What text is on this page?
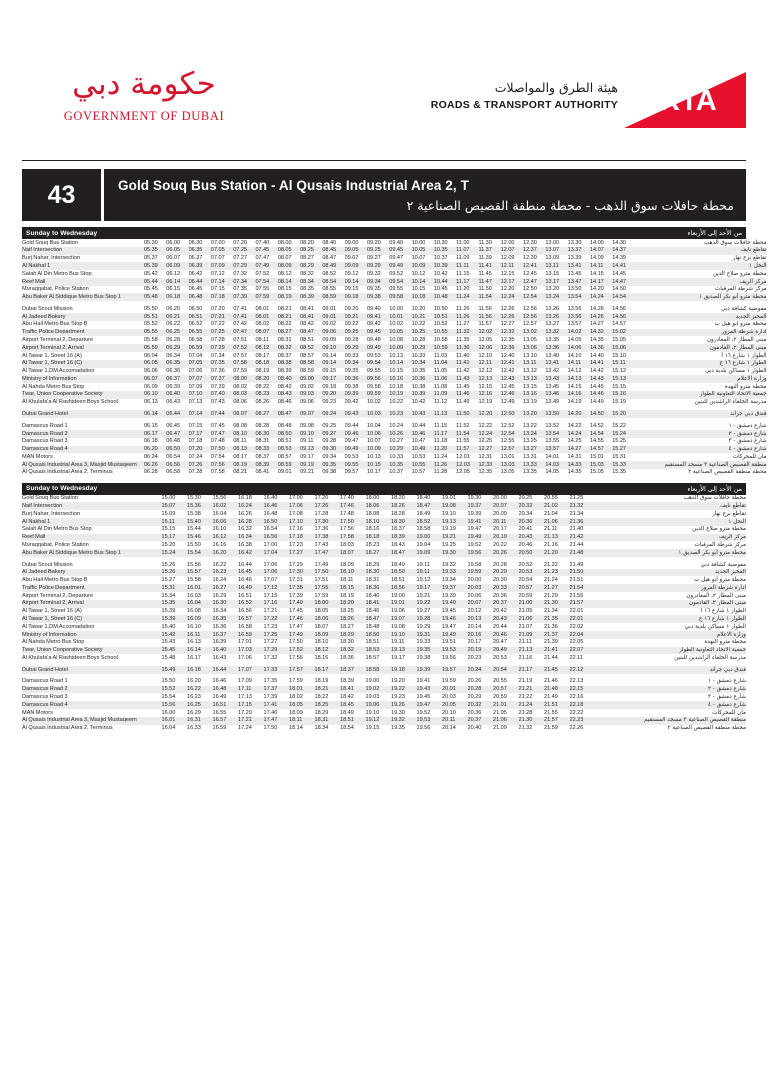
حكومة دبي
GOVERNMENT OF DUBAI
هيئة الطرق والمواصلات
ROADS & TRANSPORT AUTHORITY RTA
43	Gold Souq Bus Station - Al Qusais Industrial Area 2, T
محطة حافلات سوق الذهب - محطة منطقة القصيص الصناعية ٢
Sunday to Wednesday	من الأحد إلى الأربعاء
Gold Souq Bus Station	05.30	06.00	06.30	07.00	07.20	07.40	08.00	08.20	08.40	09.00	09.20	09.40	10.00	10.30	11.00	11.30	12.00	12.30	13.00	13.30	14.00	14.30	محطة حافلات سوق الذهب
Naif Intersection	05.35	06.05	06.35	07.05	07.25	07.45	08.05	08.25	08.45	09.05	09.25	09.45	10.05	10.35	11.07	11.37	12.07	12.37	13.07	13.37	14.07	14.37	تقاطع نايف
Burj Nahar, Intersection	05.37	06.07	06.37	07.07	07.27	07.47	08.07	08.27	08.47	09.07	09.27	09.47	10.07	10.37	11.09	11.39	12.09	12.39	13.09	13.39	14.09	14.39	تقاطع برج نهار
Al Nakhal 1	05.39	06.09	06.39	07.09	07.29	07.49	08.09	08.29	08.49	09.09	09.29	09.49	10.09	10.39	11.11	11.41	12.11	12.41	13.11	13.41	14.11	14.41	النخل ١
Salah Al Din Metro Bus Stop	05.42	06.12	06.42	07.12	07.32	07.52	08.12	08.32	08.52	09.12	09.32	09.52	10.12	10.42	11.15	11.45	12.15	12.45	13.15	13.45	14.15	14.45	محطة مترو صلاح الدين
Reef Mall	05.44	06.14	06.44	07.14	07.34	07.54	08.14	08.34	08.54	09.14	09.34	09.54	10.14	10.44	11.17	11.47	12.17	12.47	13.17	13.47	14.17	14.47	مركز الريف
Muraqqabat, Police Station	05.45	06.15	06.45	07.15	07.35	07.55	08.15	08.35	08.55	09.15	09.35	09.55	10.15	10.45	11.20	11.50	12.20	12.50	13.20	13.50	14.20	14.50	مركز شرطة المرقبات
Abu Baker Al Siddique Metro Bus Stop 1	05.48	06.18	06.48	07.18	07.39	07.59	08.19	08.39	08.59	09.18	09.38	09.58	10.18	10.48	11.24	11.54	12.24	12.54	13.24	13.54	14.24	14.54	محطة مترو أبو بكر الصديق ١

Dubai Scout Mission	05.50	06.20	06.50	07.20	07.41	08.01	08.21	08.41	09.01	09.20	09.40	10.00	10.20	10.50	11.26	11.56	12.26	12.56	13.26	13.56	14.26	14.56	مفوضية كشافة دبي
Al Jadeed Bakery	05.51	06.21	06.51	07.21	07.41	08.01	08.21	08.41	09.01	09.21	09.41	10.01	10.21	10.51	11.26	11.56	12.26	12.56	13.26	13.56	14.26	14.56	المخبز الجديد
Abu Hail Metro Bus Stop B	05.52	06.22	06.52	07.22	07.42	08.02	08.22	08.42	09.02	09.22	09.42	10.02	10.22	10.52	11.27	11.57	12.27	12.57	13.27	13.57	14.27	14.57	محطة مترو أبو هيل ب
Traffic Police Department	05.55	06.25	06.55	07.25	07.47	08.07	08.27	08.47	09.06	09.25	09.45	10.05	10.25	10.55	11.32	12.02	12.32	13.02	13.32	14.02	14.32	15.02	ادارة شرطة المرور
Airport Terminal 2, Departure	05.58	06.28	06.58	07.28	07.51	08.11	08.31	08.51	09.09	09.28	09.48	10.08	10.28	10.58	11.35	12.05	12.35	13.05	13.35	14.05	14.35	15.05	مبنى المطار ٢، المغادرون
Airport Terminal 2, Arrival	05.59	06.29	06.59	07.29	07.52	08.12	08.32	08.52	09.10	09.29	09.49	10.09	10.29	10.59	11.36	12.06	12.36	13.06	13.36	14.06	14.36	15.06	مبنى المطار ٢، القادمون
Al Tawar 1, Street 16 (A)	06.04	06.34	07.04	07.34	07.57	08.17	08.37	08.57	09.14	09.33	09.53	10.13	10.33	11.03	11.40	12.10	12.40	13.10	13.40	14.10	14.40	15.10	الطوار ١ شارع ١٦ أ
Al Tawar 1, Street 16 (C)	06.05	06.35	07.05	07.35	07.58	08.18	08.38	08.58	09.14	09.34	09.54	10.14	10.34	11.04	11.41	12.11	12.41	13.11	13.41	14.11	14.41	15.11	الطوار ١ شارع ١٦ ج
Al Tawar 1,DM Accomadation	06.06	06.36	07.06	07.36	07.59	08.19	08.39	08.59	09.15	09.35	09.55	10.15	10.35	11.05	11.42	12.12	12.42	13.12	13.42	14.12	14.42	15.12	الطوار ١ مساكن بلدية دبي
Ministry of Information	06.07	06.37	07.07	07.37	08.00	08.20	08.40	09.00	09.17	09.36	09.56	10.16	10.36	11.06	11.43	12.13	12.43	13.13	13.43	14.13	14.43	15.13	وزارة الاعلام
Al Nahda Metro Bus Stop	06.09	06.39	07.09	07.39	08.02	08.22	08.42	09.02	09.18	09.38	09.58	10.18	10.38	11.08	11.45	12.15	12.45	13.15	13.45	14.15	14.45	15.15	محطة مترو النهدة
Twar, Union Cooperative Society	06.10	06.40	07.10	07.40	08.03	08.23	08.43	09.03	09.20	09.39	09.59	10.19	10.39	11.09	11.46	12.16	12.46	13.16	13.46	14.16	14.46	15.16	جمعية الاتحاد التعاونية الطوار
Al Khulafa'a Al Rashideen Boys School	06.13	06.43	07.13	07.43	08.06	08.26	08.46	09.06	09.23	09.42	10.02	10.22	10.42	11.12	11.49	12.19	12.49	13.19	13.49	14.19	14.49	15.19	مدرسة الخلفاء الراشدين للبنين

Dubai Grand Hotel	06.14	06.44	07.14	07.44	08.07	08.27	08.47	09.07	09.24	09.43	10.03	10.23	10.43	11.13	11.50	12.20	12.50	13.20	13.50	14.20	14.50	15.20	فندق دبي جراند

Damascus Road 1	06.15	06.45	07.15	07.45	08.08	08.28	08.48	09.08	09.25	09.44	10.04	10.24	10.44	11.15	11.52	12.22	12.52	13.22	13.52	14.22	14.52	15.22	شارع دمشق - ١
Damascus Road 2	06.17	06.47	07.17	07.47	08.10	08.30	08.50	09.10	09.27	09.46	10.06	10.26	10.46	11.17	11.54	12.24	12.54	13.24	13.54	14.24	14.54	15.24	شارع دمشق - ٢
Damascus Road 3	06.18	06.48	07.18	07.48	08.11	08.31	08.51	09.11	09.28	09.47	10.07	10.27	10.47	11.18	11.55	12.25	12.55	13.25	13.55	14.25	14.55	15.25	شارع دمشق - ٣
Damascus Road 4	06.20	06.50	07.20	07.50	08.13	08.33	08.53	09.13	09.30	09.49	10.09	10.29	10.49	11.20	11.57	12.27	12.57	13.27	13.57	14.27	14.57	15.27	شارع دمشق - ٤
MAN Motors	06.24	06.54	07.24	07.54	08.17	08.37	08.57	09.17	09.34	09.53	10.13	10.33	10.53	11.24	12.01	12.31	13.01	13.31	14.01	14.31	15.01	15.31	مان للمحركات
Al Qusais Industrial Area 3, Masjid Mustaqeem	06.26	06.56	07.26	07.56	08.19	08.39	08.59	09.19	09.35	09.55	10.15	10.35	10.55	11.26	12.03	12.33	13.03	13.33	14.03	14.33	15.03	15.33	منطقة القصيص الصناعية ٣ مسجد المستقيم
Al Qusais Industrial Area 2, Terminus	06.28	06.58	07.28	07.58	08.21	08.41	09.01	09.21	09.38	09.57	10.17	10.37	10.57	11.28	12.05	12.35	13.05	13.35	14.05	14.35	15.05	15.35	محطة منطقة القصيص الصناعية ٢
Sunday to Wednesday	من الأحد إلى الأربعاء
Gold Souq Bus Station	15.00	15.30	15.56	16.18	16.40	17.00	17.20	17.40	18.00	18.20	18.40	19.01	19.30	20.00	20.25	20.55	21.25	محطة حافلات سوق الذهب
Naif Intersection	15.07	15.36	16.02	16.24	16.46	17.06	17.26	17.46	18.06	18.26	18.47	19.08	19.37	20.07	20.32	21.02	21.32	تقاطع نايف
Burj Nahar, Intersection	15.09	15.38	16.04	16.26	16.48	17.08	17.28	17.48	18.08	18.28	18.49	19.10	19.39	20.09	20.34	21.04	21.34	تقاطع برج نهار
Al Nakhal 1	15.11	15.40	16.06	16.28	16.50	17.10	17.30	17.50	18.10	18.30	18.52	19.13	19.41	20.11	20.36	21.06	21.36	النخل ١
Salah Al Din Metro Bus Stop	15.15	15.44	16.10	16.32	16.54	17.16	17.36	17.56	18.16	18.37	18.58	19.19	19.47	20.17	20.41	21.11	21.40	محطة مترو صلاح الدين
Reef Mall	15.17	15.46	16.12	16.34	16.56	17.18	17.38	17.58	18.18	18.39	19.00	19.21	19.49	20.19	20.43	21.13	21.42	مركز الريف
Muraqqabat, Police Station	15.20	15.50	16.16	16.38	17.00	17.23	17.43	18.03	18.23	18.43	19.04	19.25	19.52	20.22	20.46	21.16	21.44	مركز شرطة المرقبات
Abu Baker Al Siddique Metro Bus Stop 1	15.24	15.54	16.20	16.42	17.04	17.27	17.47	18.07	18.27	18.47	19.09	19.30	19.56	20.26	20.50	21.20	21.48	محطة مترو أبو بكر الصديق ١

Dubai Scout Mission	15.26	15.56	16.22	16.44	17.06	17.29	17.49	18.09	18.29	18.49	19.11	19.32	19.58	20.28	20.52	21.22	21.49	مفوضية كشافة دبي
Al Jadeed Bakery	15.26	15.57	16.23	16.45	17.06	17.30	17.50	18.10	18.30	18.50	19.11	19.33	19.59	20.29	20.53	21.23	21.50	المخبز الجديد
Abu Hail Metro Bus Stop B	15.27	15.58	16.24	16.46	17.07	17.31	17.51	18.11	18.31	18.51	19.12	19.34	20.00	20.30	20.54	21.24	21.51	محطة مترو أبو هيل ب
Traffic Police Department	15.31	16.01	16.27	16.49	17.12	17.35	17.55	18.15	18.36	18.56	19.17	19.37	20.03	20.33	20.57	21.27	21.54	ادارة شرطة المرور
Airport Terminal 2, Departure	15.34	16.03	16.29	16.51	17.15	17.39	17.59	18.19	18.40	19.00	19.21	19.39	20.06	20.36	20.59	21.29	21.56	مبنى المطار ٢، المغادرون
Airport Terminal 2, Arrival	15.35	16.04	16.30	16.52	17.16	17.40	18.00	18.20	18.41	19.01	19.22	19.40	20.07	20.37	21.00	21.30	21.57	مبنى المطار ٢، القادمون
Al Tawar 1, Street 16 (A)	15.39	16.08	16.34	16.56	17.21	17.45	18.05	18.25	18.46	19.06	19.27	19.45	20.12	20.42	21.05	21.34	22.01	الطوار ١ شارع ١٦ أ
Al Tawar 1, Street 16 (C)	15.39	16.09	16.35	16.57	17.22	17.46	18.06	18.26	18.47	19.07	19.28	19.46	20.13	20.43	21.06	21.35	22.01	الطوار ١ شارع ١٦ ج
Al Tawar 1,DM Accomadation	15.40	16.10	16.36	16.58	17.23	17.47	18.07	18.27	18.48	19.08	19.29	19.47	20.14	20.44	21.07	21.36	22.02	الطوار ١ مساكن بلدية دبي
Ministry of Information	15.42	16.11	16.37	16.59	17.25	17.49	18.09	18.29	18.50	19.10	19.31	19.49	20.16	20.46	21.09	21.37	22.04	وزارة الاعلام
Al Nahda Metro Bus Stop	15.43	16.13	16.39	17.01	17.27	17.50	18.10	18.30	18.51	19.11	19.33	19.51	20.17	20.47	21.11	21.39	22.05	محطة مترو النهدة
Twar, Union Cooperative Society	15.45	16.14	16.40	17.03	17.29	17.52	18.12	18.32	18.53	19.13	19.35	19.53	20.19	20.49	21.13	21.41	22.07	جمعية الاتحاد التعاونية الطوار
Al Khulafa'a Al Rashideen Boys School	15.48	16.17	16.43	17.06	17.32	17.56	18.16	18.36	18.57	19.17	19.38	19.56	20.23	20.53	21.16	21.44	22.11	مدرسة الخلفاء الراشدين للبنين

Dubai Grand Hotel	15.49	16.18	16.44	17.07	17.33	17.57	18.17	18.37	18.58	19.18	19.39	19.57	20.24	20.54	21.17	21.45	22.12	فندق دبي جراند

Damascus Road 1	15.50	16.20	16.46	17.09	17.35	17.59	18.19	18.39	19.00	19.20	19.41	19.59	20.26	20.55	21.19	21.46	22.13	شارع دمشق - ١
Damascus Road 2	15.52	16.22	16.48	17.11	17.37	18.01	18.21	18.41	19.02	19.22	19.43	20.01	20.28	20.57	21.21	21.48	22.15	شارع دمشق - ٢
Damascus Road 3	15.54	16.23	16.49	17.13	17.39	18.02	18.22	18.42	19.03	19.23	19.45	20.03	20.29	20.59	21.22	21.49	22.16	شارع دمشق - ٣
Damascus Road 4	15.56	16.25	16.51	17.15	17.41	18.05	18.25	18.45	19.06	19.26	19.47	20.05	20.32	21.01	21.24	21.51	22.18	شارع دمشق - ٤
MAN Motors	16.00	16.29	16.55	17.20	17.46	18.09	18.29	18.49	19.10	19.30	19.52	20.10	20.36	21.05	21.28	21.55	22.22	مان للمحركات
Al Qusais Industrial Area 3, Masjid Mustaqeem	16.01	16.31	16.57	17.21	17.47	18.11	18.31	18.51	19.12	19.32	19.53	20.11	20.37	21.06	21.30	21.57	22.23	منطقة القصيص الصناعية ٣ مسجد المستقيم
Al Qusais Industrial Area 2, Terminus	16.04	16.33	16.59	17.24	17.50	18.14	18.34	18.54	19.15	19.35	19.56	20.14	20.40	21.09	21.32	21.59	22.26	محطة منطقة القصيص الصناعية ٢
